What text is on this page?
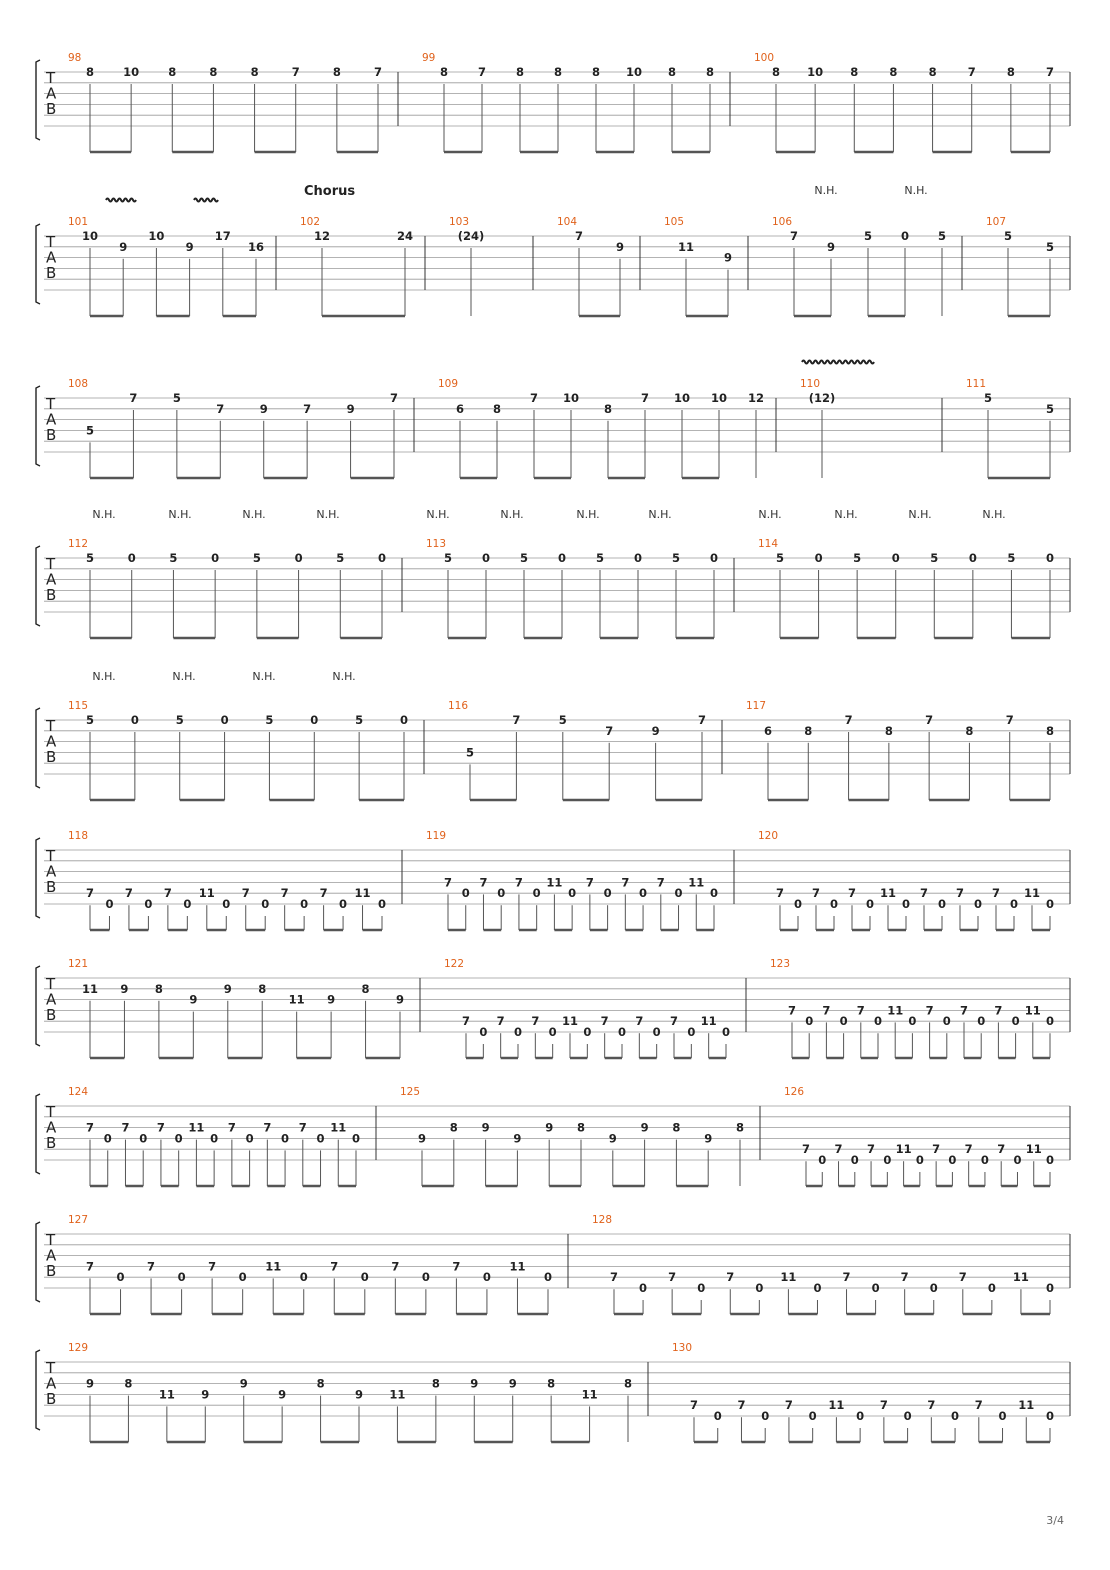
T
A
B
98
8	10	8	8	8	7	8	7
99
8	7	8	8	8 10 8	8
100
8 10 8	8	8	7	8	7
T
A
B
Chorus
101
10
9
10
9
17
16
102
12	24
103
(24)
104
7
9
105
11
9
106
7
9
5	0	5
107
5
5
T
A
B
108
5
7	5
7	9	7	9
7
109
6	8
7 10
8
7 10 10 12
110
(12)
111
5
5
T
A
B
112
5	0	5	0	5	0	5	0
113
5	0	5	0	5	0	5	0
114
5	0	5	0	5	0	5	0
T
A
B
115
5	0	5	0	5	0	5	0
116
5
7	5
7	9
7
117
6	8
7
8
7
8
7
8
T
A
B
118
7
0
7
0
7
0
11
0
7
0
7
0
7
0
11
0
119
7
0
7
0
7
0
11
0
7
0
7
0
7
0
11
0
120
7
0
7
0
7
0
11
0
7
0
7
0
7
0
11
0
T
A
B
121
11 9 8
9
9 8
11 9
8
9
122
7
0
7
0
7
0
11
0
7
0
7
0
7
0
11
0
123
7
0
7
0
7
0
11
0
7
0
7
0
7
0
11
0
T
A
B
124
7
0
7
0
7
0
11
0
7
0
7
0
7
0
11
0
125
9
8 9
9
9 8
9
9 8
9
8
126
7
0
7
0
7
0
11
0
7
0
7
0
7
0
11
0
T
A
B
127
7
0
7
0
7
0
11
0
7
0
7
0
7
0
11
0
128
7
0
7
0
7
0
11
0
7
0
7
0
7
0
11
0
T
A
B
129
9	8
11 9
9
9
8
9 11
8	9	9	8
11
8
130
7
0
7
0
7
0
11
0
7
0
7
0
7
0
11
0
N.H.	N.H.
N.H.	N.H.	N.H.	N.H.	N.H.	N.H.	N.H.	N.H.	N.H.	N.H.	N.H.	N.H.
N.H.	N.H.	N.H.	N.H.
3/4
